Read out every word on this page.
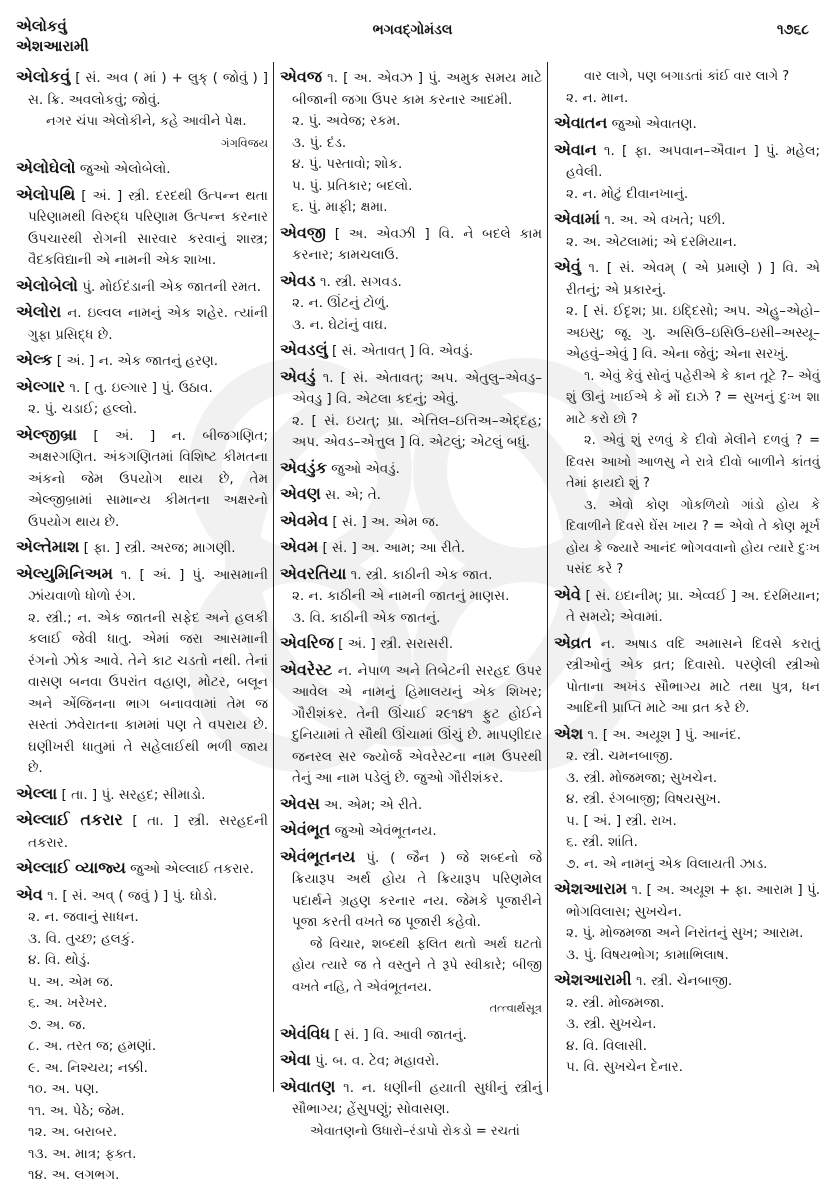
એલોકવું
એશઆરામી
ભગવદ્ગોમંડલ	૧૭૬૮
એલોકવું [ સં. અવ ( માં ) + લુક્ ( જોવું ) ] સ. ક્રિ. અવલોકવું; જોવું.
નગર ચંપા એલોકીને, કહે આવીને પેક્ષ.
ગંગવિજય
એલોઘેલો જુઓ એલોબેલો.
એલોપથિ [ અં. ] સ્ત્રી. દરદથી ઉત્પન્ન થતા પરિણામથી વિરુદ્ધ પરિણામ ઉત્પન્ન કરનાર ઉપચારથી રોગની સારવાર કરવાનું શાસ્ત્ર; વૈદકવિદ્યાની એ નામની એક શાખા.
એલોબેલો પું. મોઈદંડાની એક જાતની રમત.
એલોરા ન. ઇલ્વલ નામનું એક શહેર. ત્યાંની ગુફા પ્રસિદ્ધ છે.
એલ્ક [ અં. ] ન. એક જાતનું હરણ.
એલ્ગાર ૧. [ તુ. ઇલ્ગાર ] પું. ઉઠાવ.
૨. પું. ચડાઈ; હલ્લો.
એલ્જીબ્રા [ અં. ] ન. બીજગણિત; અક્ષરગણિત. અંકગણિતમાં વિશિષ્ટ કીમતના અંકનો જેમ ઉપયોગ થાય છે, તેમ એલ્જીબ્રામાં સામાન્ય કીમતના અક્ષરનો ઉપયોગ થાય છે.
એલ્તેમાશ [ ફા. ] સ્ત્રી. અરજ; માગણી.
એલ્યુમિનિઅમ ૧. [ અં. ] પું. આસમાની ઝાંયવાળો ધોળો રંગ.
૨. સ્ત્રી.; ન. એક જાતની સફેદ અને હલકી કલાઈ જેવી ધાતુ. એમાં જરા આસમાની રંગનો ઝોક આવે. તેને કાટ ચડતો નથી. તેનાં વાસણ બનવા ઉપરાંત વહાણ, મોટર, બલૂન અને એંજિનના ભાગ બનાવવામાં તેમ જ સસ્તાં ઝવેરાતના કામમાં પણ તે વપરાય છે. ઘણીખરી ધાતુમાં તે સહેલાઈથી ભળી જાય છે.
એલ્લા [ તા. ] પું. સરહદ; સીમાડો.
એલ્લાઈ તકરાર [ તા. ] સ્ત્રી. સરહદની તકરાર.
એલ્લાઈ વ્યાજ્ય જુઓ એલ્લાઈ તકરાર.
એવ ૧. [ સં. અવ્ ( જવું ) ] પું. ઘોડો.
૨. ન. જવાનું સાધન.
૩. વિ. તુચ્છ; હલકું.
૪. વિ. થોડું.
૫. અ. એમ જ.
૬. અ. ખરેખર.
૭. અ. જ.
૮. અ. તરત જ; હમણાં.
૯. અ. નિશ્ચય; નક્કી.
૧૦. અ. પણ.
૧૧. અ. પેઠે; જેમ.
૧૨. અ. બરાબર.
૧૩. અ. માત્ર; ફક્ત.
૧૪. અ. લગભગ.
એવજ ૧. [ અ. એવઝ ] પું. અમુક સમય માટે બીજાની જગા ઉપર કામ કરનાર આદમી.
૨. પું. અવેજ; રકમ.
૩. પું. દંડ.
૪. પું. પસ્તાવો; શોક.
૫. પું. પ્રતિકાર; બદલો.
૬. પું. માફી; ક્ષમા.
એવજી [ અ. એવઝી ] વિ. ને બદલે કામ કરનાર; કામચલાઉ.
એવડ ૧. સ્ત્રી. સગવડ.
૨. ન. ઊંટનું ટોળું.
૩. ન. ઘેટાંનું વાઘ.
એવડલું [ સં. એતાવત્ ] વિ. એવડું.
એવડું ૧. [ સં. એતાવત્; અપ. એતુલુ–એવડુ–એવડુ ] વિ. એટલા કદનું; એવું.
૨. [ સં. ઇયત્; પ્રા. એત્તિલ–ઇત્તિઅ–એદ્દહ; અપ. એવડ–એત્તુલ ] વિ. એટલું; એટલું બધું.
એવડુંક જુઓ એવડું.
એવણ સ. એ; તે.
એવમેવ [ સં. ] અ. એમ જ.
એવમ [ સં. ] અ. આમ; આ રીતે.
એવરતિયા ૧. સ્ત્રી. કાઠીની એક જાત.
૨. ન. કાઠીની એ નામની જાતનું માણસ.
૩. વિ. કાઠીની એક જાતનું.
એવરિજ [ અં. ] સ્ત્રી. સરાસરી.
એવરેસ્ટ ન. નેપાળ અને તિબેટની સરહદ ઉપર આવેલ એ નામનું હિમાલયનું એક શિખર; ગૌરીશંકર. તેની ઊંચાઈ ૨૯૧૪૧ ફુટ હોઈને દુનિયામાં તે સૌથી ઊંચામાં ઊંચું છે. માપણીદાર જનરલ સર જ્યોર્જ એવરેસ્ટના નામ ઉપરથી તેનું આ નામ પડેલું છે. જુઓ ગૌરીશંકર.
એવસ અ. એમ; એ રીતે.
એવંભૂત જુઓ એવંભૂતનય.
એવંભૂતનય પું. ( જૈન ) જે શબ્દનો જે ક્રિયારૂપ અર્થ હોય તે ક્રિયારૂપ પરિણમેલ પદાર્થને ગ્રહણ કરનાર નય. જેમકે પૂજારીને પૂજા કરતી વખતે જ પૂજારી કહેવો.
જે વિચાર, શબ્દથી ફલિત થતો અર્થ ઘટતો હોય ત્યારે જ તે વસ્તુને તે રૂપે સ્વીકારે; બીજી વખતે નહિ, તે એવંભૂતનય.
તત્ત્વાર્થસૂત્ર
એવંવિધ [ સં. ] વિ. આવી જાતનું.
એવા પું. બ. વ. ટેવ; મહાવરો.
એવાતણ ૧. ન. ધણીની હયાતી સુધીનું સ્ત્રીનું સૌભાગ્ય; હેંસુપણું; સોવાસણ.
એવાતણનો ઉધારો–રંડાપો રોકડો = રચતાં
વાર લાગે, પણ બગાડતાં કાંઈ વાર લાગે ?
૨. ન. માન.
એવાતન જુઓ એવાતણ.
એવાન ૧. [ ફા. અપવાન–ઐવાન ] પું. મહેલ; હવેલી.
૨. ન. મોટું દીવાનખાનું.
એવામાં ૧. અ. એ વખતે; પછી.
૨. અ. એટલામાં; એ દરમિયાન.
એવું ૧. [ સં. એવમ્ ( એ પ્રમાણે ) ] વિ. એ રીતનું; એ પ્રકારનું.
૨. [ સં. ઈદૃશ; પ્રા. ઇદ્દિસો; અપ. એહુ–એહો–અઇસુ; જૂ. ગુ. અસિઉ–ઇસિઉ–ઇસી–અસ્યૂ–એહવું–એવું ] વિ. એના જેવું; એના સરખું.
૧. એવું કેવું સોનું પહેરીએ કે કાન તૂટે ?– એવું શું ઊનું ખાઈએ કે મોં દાઝે ? = સુખનું દુઃખ શા માટે કરો છો ?
૨. એવું શું રળવું કે દીવો મેલીને દળવું ? = દિવસ આખો આળસુ ને રાત્રે દીવો બાળીને કાંતવું તેમાં ફાયદો શું ?
૩. એવો કોણ ગોકળિયો ગાંડો હોય કે દિવાળીને દિવસે ઘેંસ ખાય ? = એવો તે કોણ મૂર્ખ હોય કે જ્યારે આનંદ ભોગવવાનો હોય ત્યારે દુઃખ પસંદ કરે ?
એવે [ સં. ઇદાનીમ્; પ્રા. એવ્વઈ ] અ. દરમિયાન; તે સમયે; એવામાં.
એવ્રત ન. અષાડ વદિ અમાસને દિવસે કરાતું સ્ત્રીઓનું એક વ્રત; દિવાસો. પરણેલી સ્ત્રીઓ પોતાના અખંડ સૌભાગ્ય માટે તથા પુત્ર, ધન આદિની પ્રાપ્તિ માટે આ વ્રત કરે છે.
એશ ૧. [ અ. અયૂશ ] પું. આનંદ.
૨. સ્ત્રી. ચમનબાજી.
૩. સ્ત્રી. મોજમજા; સુખચેન.
૪. સ્ત્રી. રંગબાજી; વિષયસુખ.
૫. [ અં. ] સ્ત્રી. રાખ.
૬. સ્ત્રી. શાંતિ.
૭. ન. એ નામનું એક વિલાયતી ઝાડ.
એશઆરામ ૧. [ અ. અયૂશ + ફા. આરામ ] પું. ભોગવિલાસ; સુખચેન.
૨. પું. મોજમજા અને નિરાંતનું સુખ; આરામ.
૩. પું. વિષયભોગ; કામાભિલાષ.
એશઆરામી ૧. સ્ત્રી. ચેનબાજી.
૨. સ્ત્રી. મોજમજા.
૩. સ્ત્રી. સુખચેન.
૪. વિ. વિલાસી.
૫. વિ. સુખચેન દેનાર.
